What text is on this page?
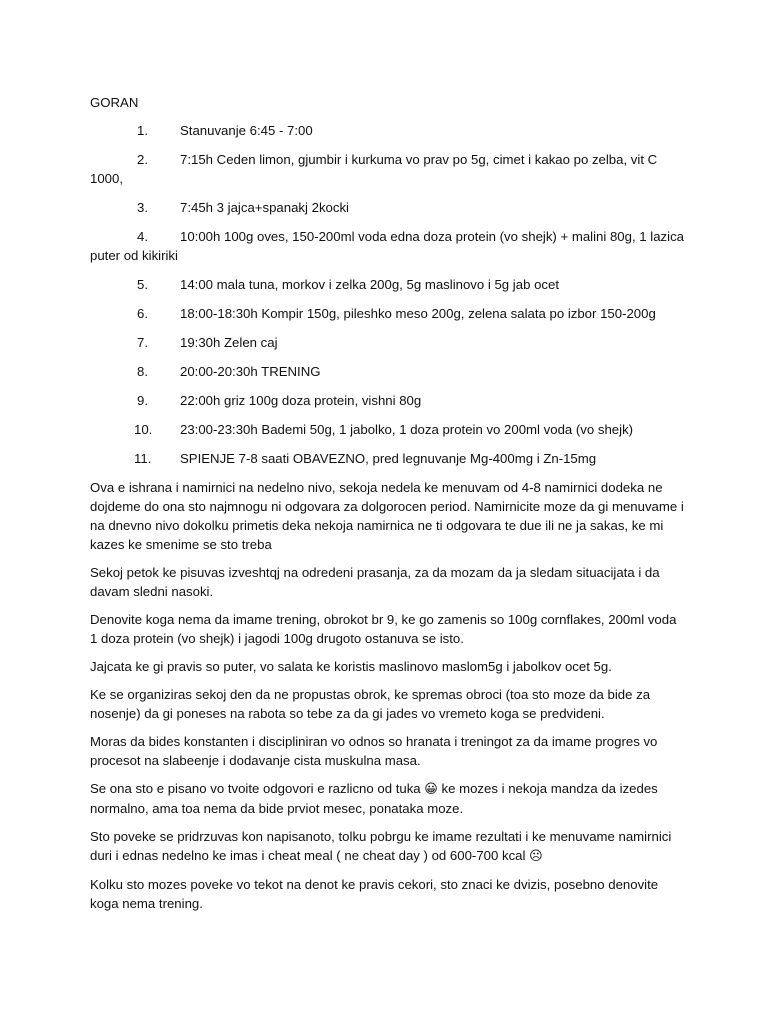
GORAN
1.	Stanuvanje 6:45 - 7:00
2.	7:15h Ceden limon, gjumbir i kurkuma vo prav po 5g, cimet i kakao po zelba, vit C 1000,
3.	7:45h 3 jajca+spanakj 2kocki
4.	10:00h 100g oves, 150-200ml voda edna doza protein (vo shejk) + malini 80g, 1 lazica puter od kikiriki
5.	14:00 mala tuna, morkov i zelka 200g, 5g maslinovo i 5g jab ocet
6.	18:00-18:30h Kompir 150g, pileshko meso 200g, zelena salata po izbor 150-200g
7.	19:30h Zelen caj
8.	20:00-20:30h TRENING
9.	22:00h griz 100g doza protein, vishni 80g
10.	23:00-23:30h Bademi 50g, 1 jabolko, 1 doza protein vo 200ml voda (vo shejk)
11.	SPIENJE 7-8 saati OBAVEZNO, pred legnuvanje Mg-400mg i Zn-15mg

Ova e ishrana i namirnici na nedelno nivo, sekoja nedela ke menuvam od 4-8 namirnici dodeka ne dojdeme do ona sto najmnogu ni odgovara za dolgorocen period. Namirnicite moze da gi menuvame i na dnevno nivo dokolku primetis deka nekoja namirnica ne ti odgovara te due ili ne ja sakas, ke mi kazes ke smenime se sto treba

Sekoj petok ke pisuvas izveshtqj na odredeni prasanja, za da mozam da ja sledam situacijata i da davam sledni nasoki.

Denovite koga nema da imame trening, obrokot br 9, ke go zamenis so 100g cornflakes, 200ml voda 1 doza protein (vo shejk) i jagodi 100g drugoto ostanuva se isto.

Jajcata ke gi pravis so puter, vo salata ke koristis maslinovo maslom5g i jabolkov ocet 5g.

Ke se organiziras sekoj den da ne propustas obrok, ke spremas obroci (toa sto moze da bide za nosenje) da gi poneses na rabota so tebe za da gi jades vo vremeto koga se predvideni.

Moras da bides konstanten i discipliniran vo odnos so hranata i treningot za da imame progres vo procesot na slabeenje i dodavanje cista muskulna masa.

Se ona sto e pisano vo tvoite odgovori e razlicno od tuka 😀 ke mozes i nekoja mandza da izedes normalno, ama toa nema da bide prviot mesec, ponataka moze.

Sto poveke se pridrzuvas kon napisanoto, tolku pobrgu ke imame rezultati i ke menuvame namirnici duri i ednas nedelno ke imas i cheat meal ( ne cheat day ) od 600-700 kcal ☹

Kolku sto mozes poveke vo tekot na denot ke pravis cekori, sto znaci ke dvizis, posebno denovite koga nema trening.
